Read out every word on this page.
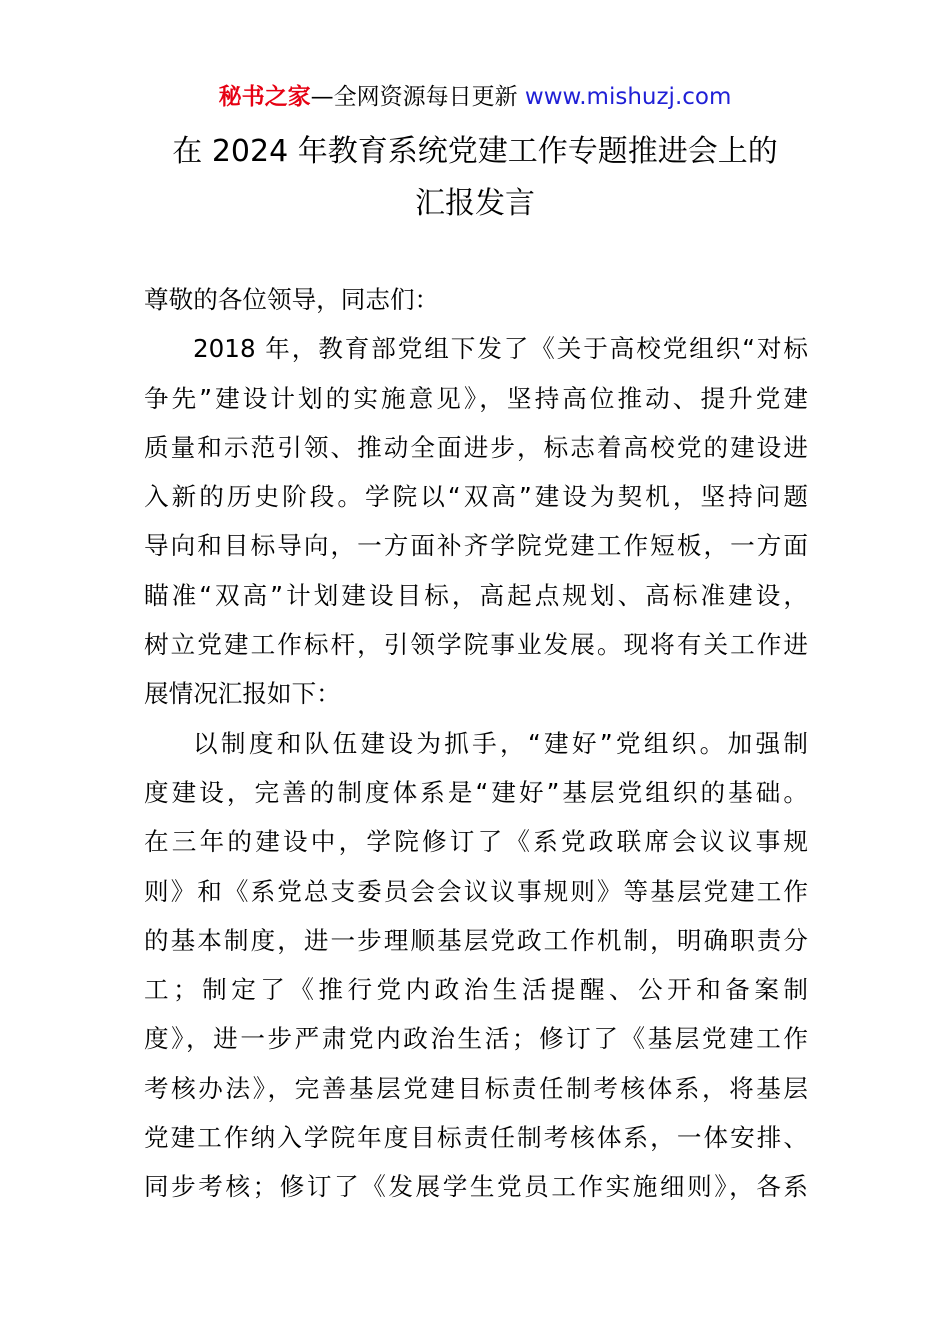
秘书之家—全网资源每日更新 www.mishuzj.com
在 2024 年教育系统党建工作专题推进会上的
汇报发言
尊敬的各位领导，同志们：
2018 年，教育部党组下发了《关于高校党组织“对标
争先”建设计划的实施意见》，坚持高位推动、提升党建
质量和示范引领、推动全面进步，标志着高校党的建设进
入新的历史阶段。学院以“双高”建设为契机，坚持问题
导向和目标导向，一方面补齐学院党建工作短板，一方面
瞄准“双高”计划建设目标，高起点规划、高标准建设，
树立党建工作标杆，引领学院事业发展。现将有关工作进
展情况汇报如下：
以制度和队伍建设为抓手，“建好”党组织。加强制
度建设，完善的制度体系是“建好”基层党组织的基础。
在三年的建设中，学院修订了《系党政联席会议议事规
则》和《系党总支委员会会议议事规则》等基层党建工作
的基本制度，进一步理顺基层党政工作机制，明确职责分
工；制定了《推行党内政治生活提醒、公开和备案制
度》，进一步严肃党内政治生活；修订了《基层党建工作
考核办法》，完善基层党建目标责任制考核体系，将基层
党建工作纳入学院年度目标责任制考核体系，一体安排、
同步考核；修订了《发展学生党员工作实施细则》，各系
